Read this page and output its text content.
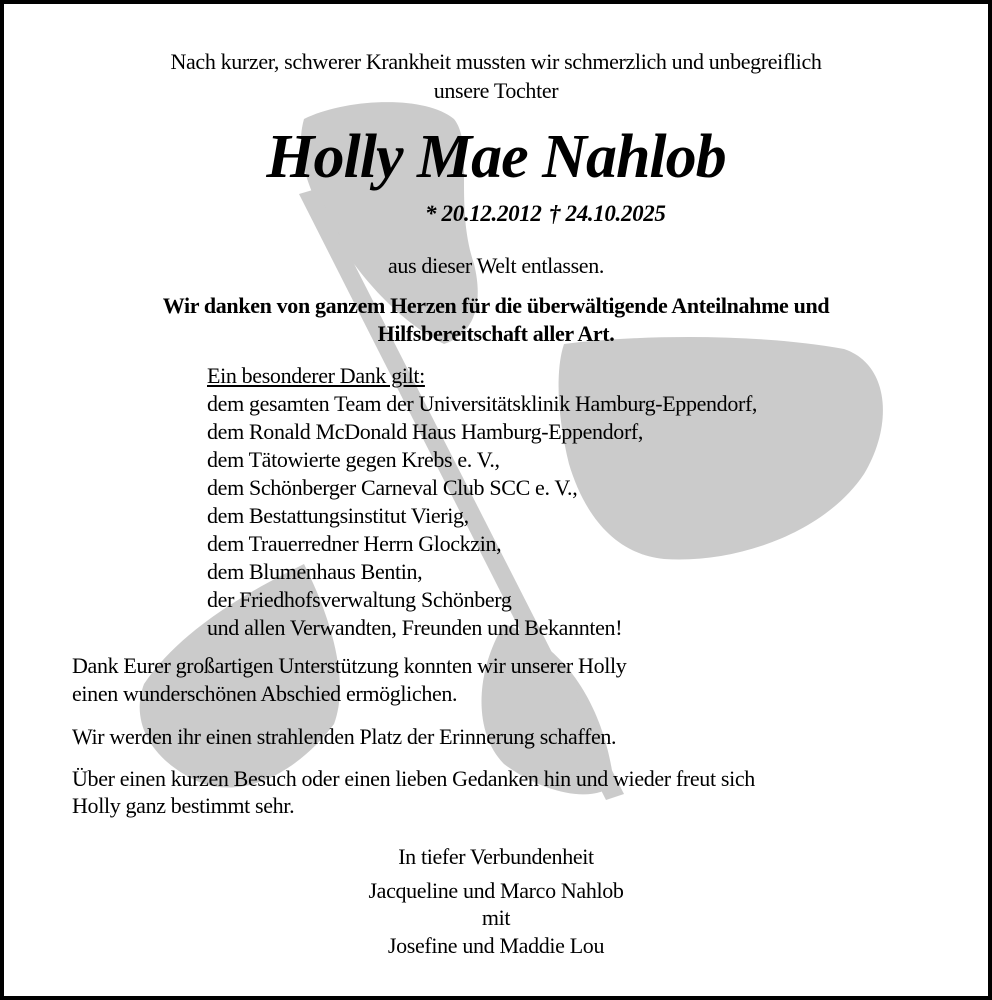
Nach kurzer, schwerer Krankheit mussten wir schmerzlich und unbegreiflich
unsere Tochter
Holly Mae Nahlob
* 20.12.2012 † 24.10.2025
aus dieser Welt entlassen.
Wir danken von ganzem Herzen für die überwältigende Anteilnahme und
Hilfsbereitschaft aller Art.
Ein besonderer Dank gilt:
dem gesamten Team der Universitätsklinik Hamburg-Eppendorf,
dem Ronald McDonald Haus Hamburg-Eppendorf,
dem Tätowierte gegen Krebs e. V.,
dem Schönberger Carneval Club SCC e. V.,
dem Bestattungsinstitut Vierig,
dem Trauerredner Herrn Glockzin,
dem Blumenhaus Bentin,
der Friedhofsverwaltung Schönberg
und allen Verwandten, Freunden und Bekannten!
Dank Eurer großartigen Unterstützung konnten wir unserer Holly
einen wunderschönen Abschied ermöglichen.
Wir werden ihr einen strahlenden Platz der Erinnerung schaffen.
Über einen kurzen Besuch oder einen lieben Gedanken hin und wieder freut sich
Holly ganz bestimmt sehr.
In tiefer Verbundenheit
Jacqueline und Marco Nahlob
mit
Josefine und Maddie Lou
